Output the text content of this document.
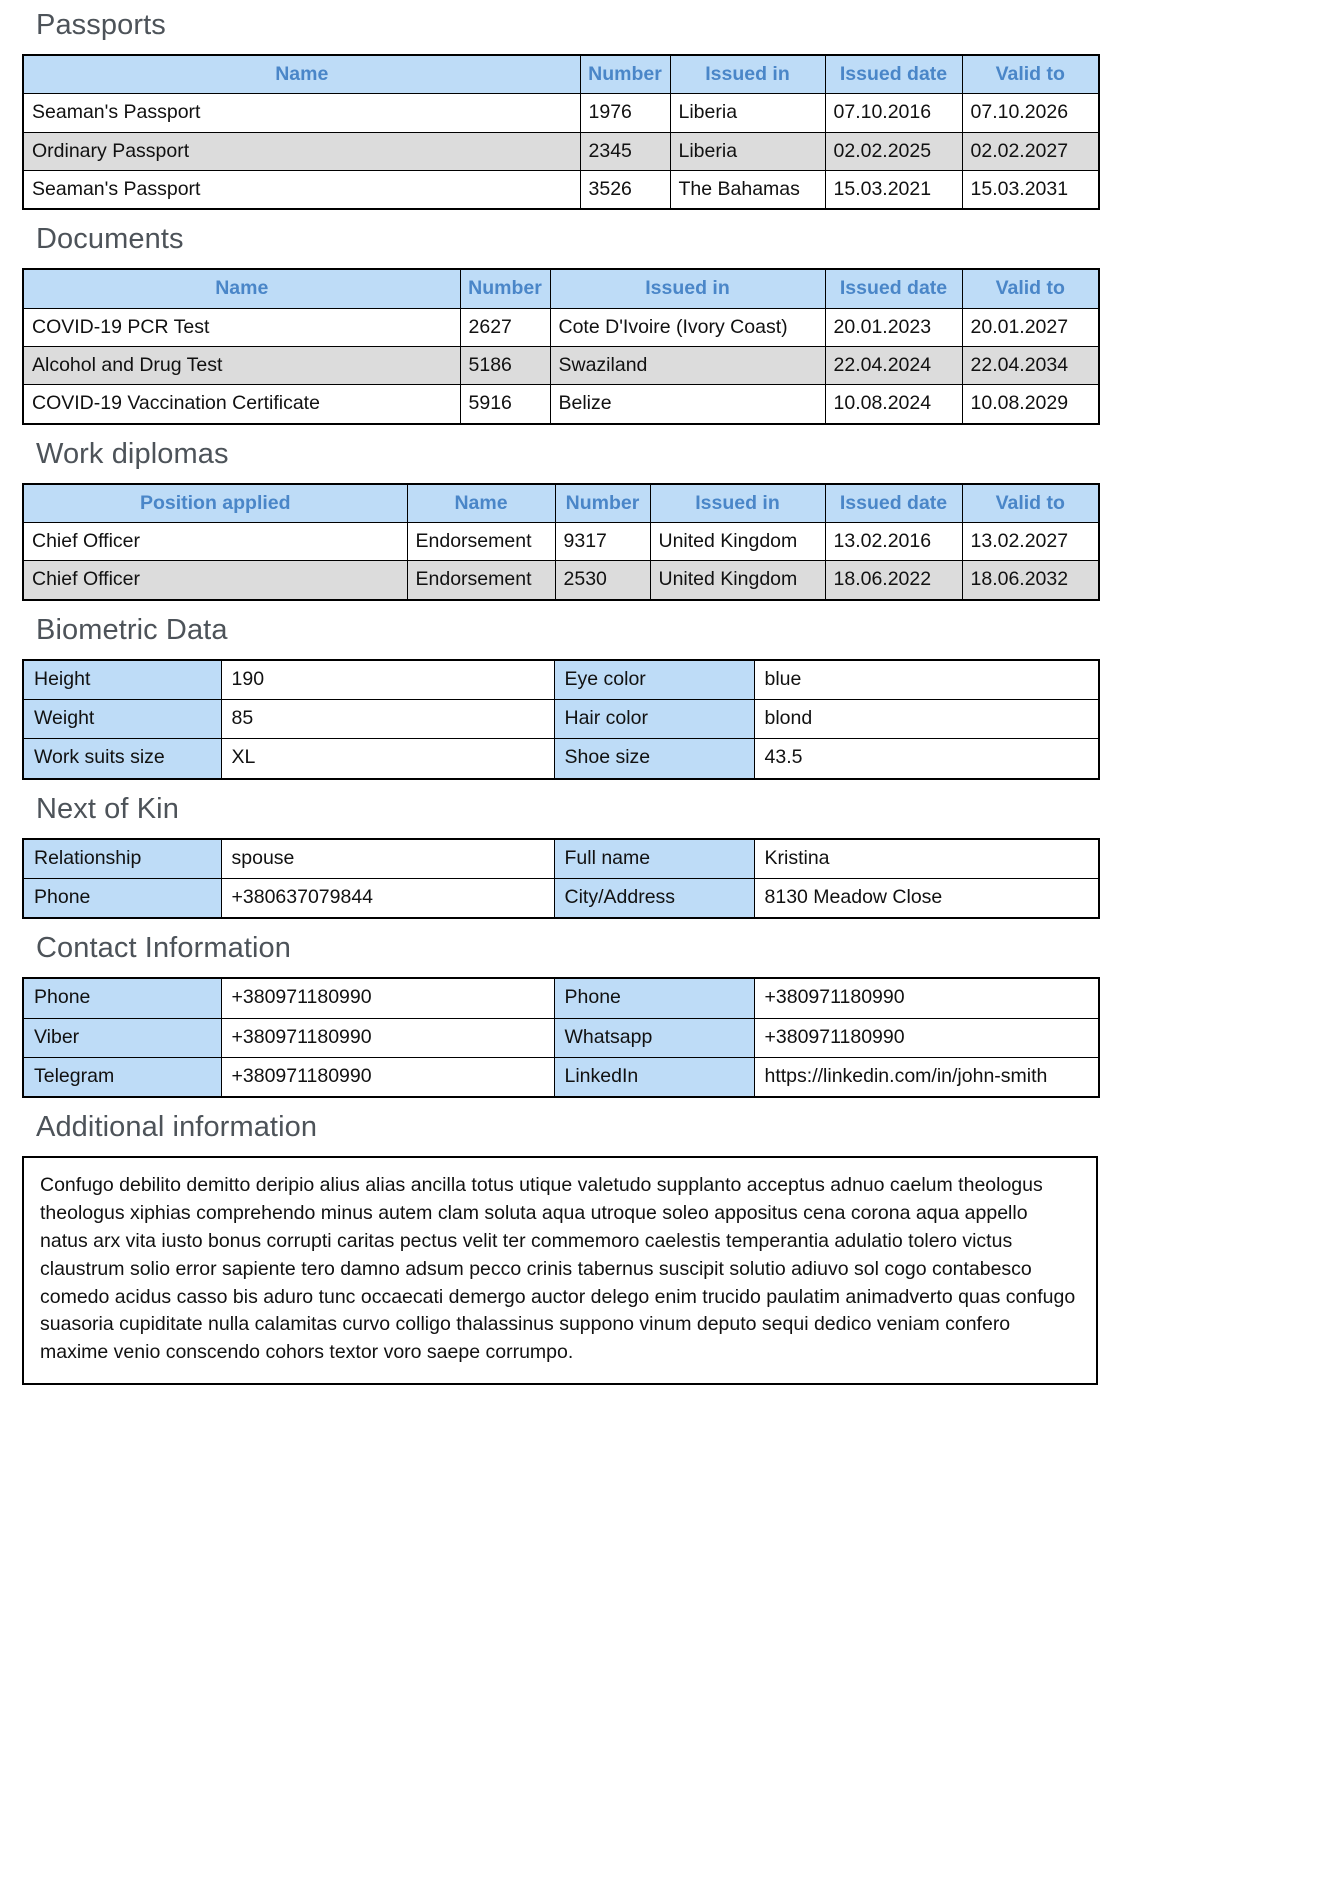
Passports
Name	Number	Issued in	Issued date	Valid to
Seaman's Passport	1976	Liberia	07.10.2016	07.10.2026
Ordinary Passport	2345	Liberia	02.02.2025	02.02.2027
Seaman's Passport	3526	The Bahamas	15.03.2021	15.03.2031
Documents
Name	Number	Issued in	Issued date	Valid to
COVID-19 PCR Test	2627	Cote D'Ivoire (Ivory Coast)	20.01.2023	20.01.2027
Alcohol and Drug Test	5186	Swaziland	22.04.2024	22.04.2034
COVID-19 Vaccination Certificate	5916	Belize	10.08.2024	10.08.2029
Work diplomas
Position applied	Name	Number	Issued in	Issued date	Valid to
Chief Officer	Endorsement	9317	United Kingdom	13.02.2016	13.02.2027
Chief Officer	Endorsement	2530	United Kingdom	18.06.2022	18.06.2032
Biometric Data
Height	190	Eye color	blue
Weight	85	Hair color	blond
Work suits size	XL	Shoe size	43.5
Next of Kin
Relationship	spouse	Full name	Kristina
Phone	+380637079844	City/Address	8130 Meadow Close
Contact Information
Phone	+380971180990	Phone	+380971180990
Viber	+380971180990	Whatsapp	+380971180990
Telegram	+380971180990	LinkedIn	https://linkedin.com/in/john-smith
Additional information
Confugo debilito demitto deripio alius alias ancilla totus utique valetudo supplanto acceptus adnuo caelum theologus theologus xiphias comprehendo minus autem clam soluta aqua utroque soleo appositus cena corona aqua appello natus arx vita iusto bonus corrupti caritas pectus velit ter commemoro caelestis temperantia adulatio tolero victus claustrum solio error sapiente tero damno adsum pecco crinis tabernus suscipit solutio adiuvo sol cogo contabesco comedo acidus casso bis aduro tunc occaecati demergo auctor delego enim trucido paulatim animadverto quas confugo suasoria cupiditate nulla calamitas curvo colligo thalassinus suppono vinum deputo sequi dedico veniam confero maxime venio conscendo cohors textor voro saepe corrumpo.
